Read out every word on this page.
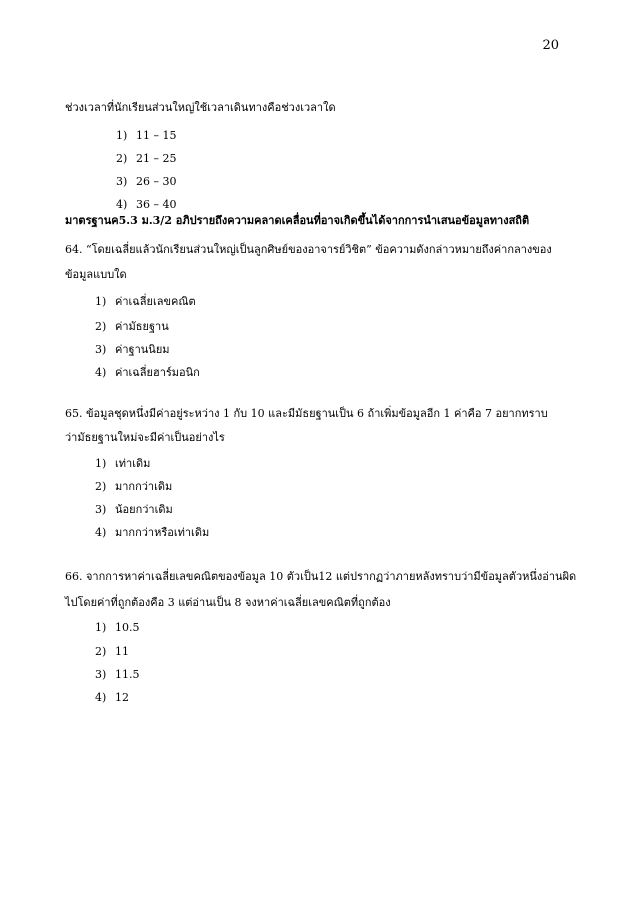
20
ช่วงเวลาที่นักเรียนส่วนใหญ่ใช้เวลาเดินทางคือช่วงเวลาใด
1) 11 – 15
2) 21 – 25
3) 26 – 30
4) 36 – 40
มาตรฐานค5.3 ม.3/2 อภิปรายถึงความคลาดเคลื่อนที่อาจเกิดขึ้นได้จากการนำเสนอข้อมูลทางสถิติ
64. “โดยเฉลี่ยแล้วนักเรียนส่วนใหญ่เป็นลูกศิษย์ของอาจารย์วิชิต” ข้อความดังกล่าวหมายถึงค่ากลางของ
ข้อมูลแบบใด
1) ค่าเฉลี่ยเลขคณิต
2) ค่ามัธยฐาน
3) ค่าฐานนิยม
4) ค่าเฉลี่ยฮาร์มอนิก
65. ข้อมูลชุดหนึ่งมีค่าอยู่ระหว่าง 1 กับ 10 และมีมัธยฐานเป็น 6 ถ้าเพิ่มข้อมูลอีก 1 ค่าคือ 7 อยากทราบ
ว่ามัธยฐานใหม่จะมีค่าเป็นอย่างไร
1) เท่าเดิม
2) มากกว่าเดิม
3) น้อยกว่าเดิม
4) มากกว่าหรือเท่าเดิม
66. จากการหาค่าเฉลี่ยเลขคณิตของข้อมูล 10 ตัวเป็น12 แต่ปรากฏว่าภายหลังทราบว่ามีข้อมูลตัวหนึ่งอ่านผิด
ไปโดยค่าที่ถูกต้องคือ 3 แต่อ่านเป็น 8 จงหาค่าเฉลี่ยเลขคณิตที่ถูกต้อง
1) 10.5
2) 11
3) 11.5
4) 12
